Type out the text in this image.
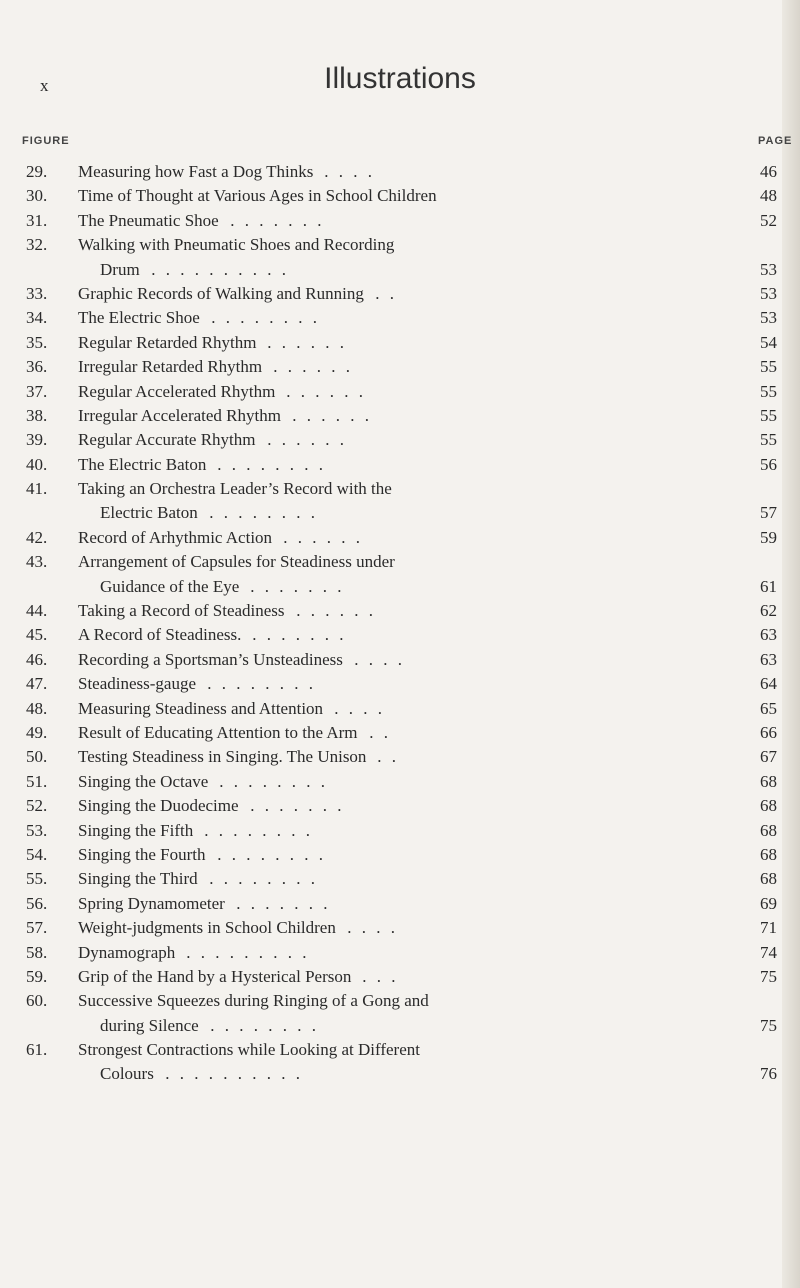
x	Illustrations
FIGURE	PAGE
29.	Measuring how Fast a Dog Thinks	46
. . . .
30.	Time of Thought at Various Ages in School Children	48
31.	The Pneumatic Shoe	52
. . . . . . .
32.	Walking with Pneumatic Shoes and Recording
Drum	53
. . . . . . . . . .
33.	Graphic Records of Walking and Running	53
. .
34.	The Electric Shoe	53
. . . . . . . .
35.	Regular Retarded Rhythm	54
. . . . . .
36.	Irregular Retarded Rhythm	55
. . . . . .
37.	Regular Accelerated Rhythm	55
. . . . . .
38.	Irregular Accelerated Rhythm	55
. . . . . .
39.	Regular Accurate Rhythm	55
. . . . . .
40.	The Electric Baton	56
. . . . . . . .
41.	Taking an Orchestra Leader’s Record with the
Electric Baton	57
. . . . . . . .
42.	Record of Arhythmic Action	59
. . . . . .
43.	Arrangement of Capsules for Steadiness under
Guidance of the Eye	61
. . . . . . .
44.	Taking a Record of Steadiness	62
. . . . . .
45.	A Record of Steadiness.	63
. . . . . . .
46.	Recording a Sportsman’s Unsteadiness	63
. . . .
47.	Steadiness-gauge	64
. . . . . . . .
48.	Measuring Steadiness and Attention	65
. . . .
49.	Result of Educating Attention to the Arm	66
. .
50.	Testing Steadiness in Singing. The Unison	67
. .
51.	Singing the Octave	68
. . . . . . . .
52.	Singing the Duodecime	68
. . . . . . .
53.	Singing the Fifth	68
. . . . . . . .
54.	Singing the Fourth	68
. . . . . . . .
55.	Singing the Third	68
. . . . . . . .
56.	Spring Dynamometer	69
. . . . . . .
57.	Weight-judgments in School Children	71
. . . .
58.	Dynamograph	74
. . . . . . . . .
59.	Grip of the Hand by a Hysterical Person	75
. . .
60.	Successive Squeezes during Ringing of a Gong and
during Silence	75
. . . . . . . .
61.	Strongest Contractions while Looking at Different
Colours	76
. . . . . . . . . .
